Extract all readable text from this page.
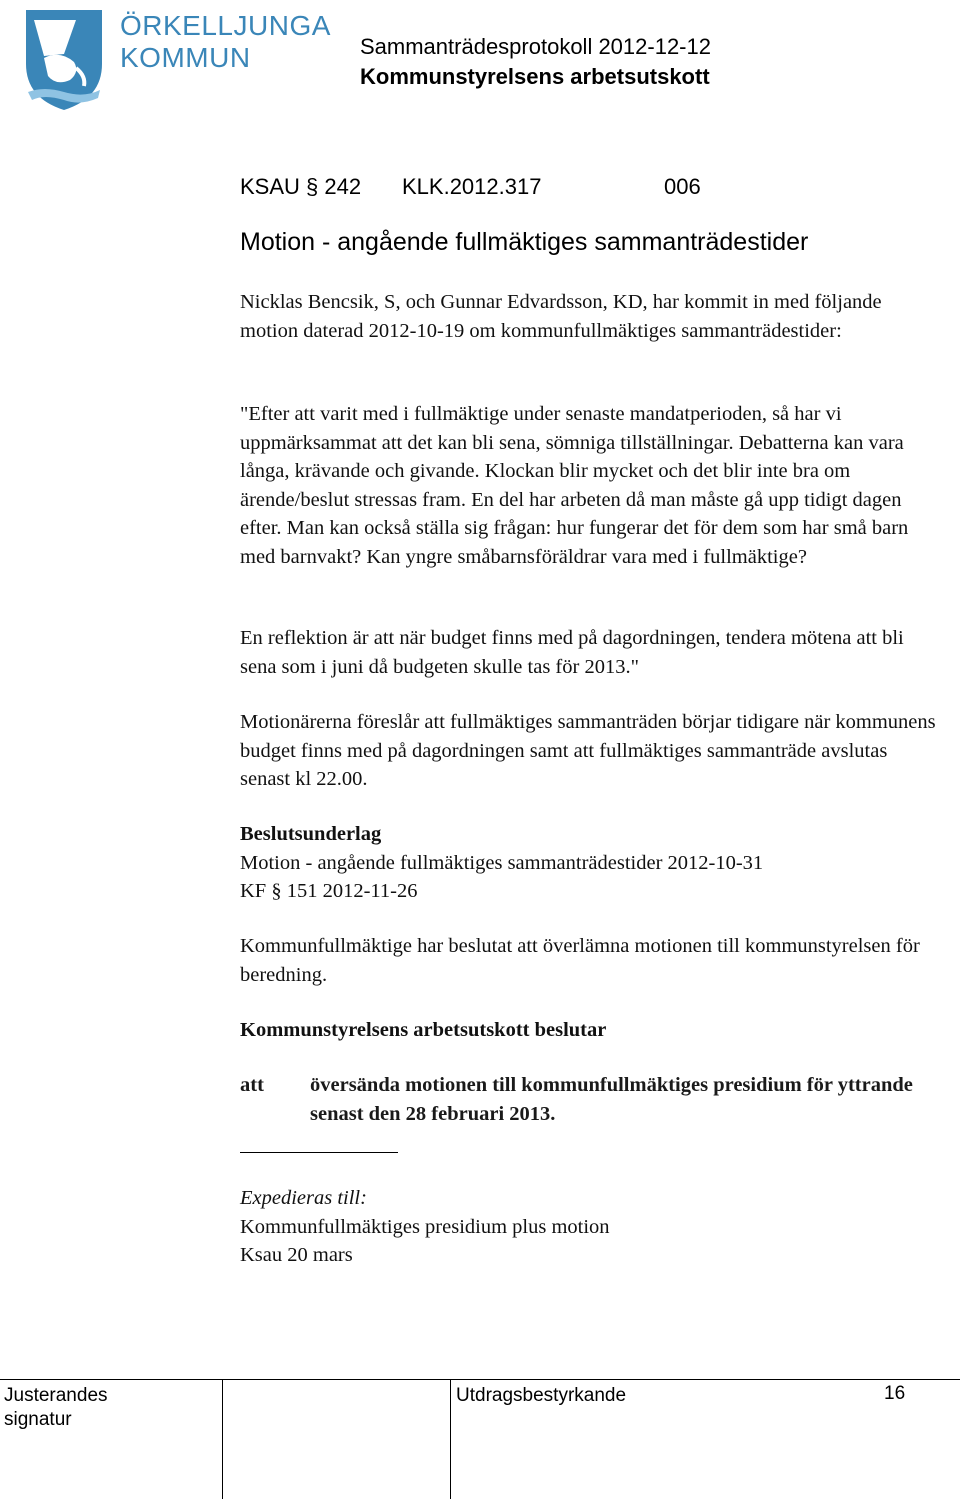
ÖRKELLJUNGA
KOMMUN	Sammanträdesprotokoll 2012-12-12
Kommunstyrelsens arbetsutskott
KSAU § 242 KLK.2012.317	006
Motion - angående fullmäktiges sammanträdestider

Nicklas Bencsik, S, och Gunnar Edvardsson, KD, har kommit in med följande motion daterad 2012-10-19 om kommunfullmäktiges sammanträdestider:

"Efter att varit med i fullmäktige under senaste mandatperioden, så har vi uppmärksammat att det kan bli sena, sömniga tillställningar. Debatterna kan vara långa, krävande och givande. Klockan blir mycket och det blir inte bra om ärende/beslut stressas fram. En del har arbeten då man måste gå upp tidigt dagen efter. Man kan också ställa sig frågan: hur fungerar det för dem som har små barn med barnvakt? Kan yngre småbarnsföräldrar vara med i fullmäktige?

En reflektion är att när budget finns med på dagordningen, tendera mötena att bli sena som i juni då budgeten skulle tas för 2013."

Motionärerna föreslår att fullmäktiges sammanträden börjar tidigare när kommunens budget finns med på dagordningen samt att fullmäktiges sammanträde avslutas senast kl 22.00.

Beslutsunderlag

Motion - angående fullmäktiges sammanträdestider 2012-10-31

KF § 151 2012-11-26

Kommunfullmäktige har beslutat att överlämna motionen till kommunstyrelsen för beredning.

Kommunstyrelsens arbetsutskott beslutar
att översända motionen till kommunfullmäktiges presidium för yttrande senast den 28 februari 2013.

Expedieras till:

Kommunfullmäktiges presidium plus motion

Ksau 20 mars

Justerandes
signatur
Utdragsbestyrkande	16
